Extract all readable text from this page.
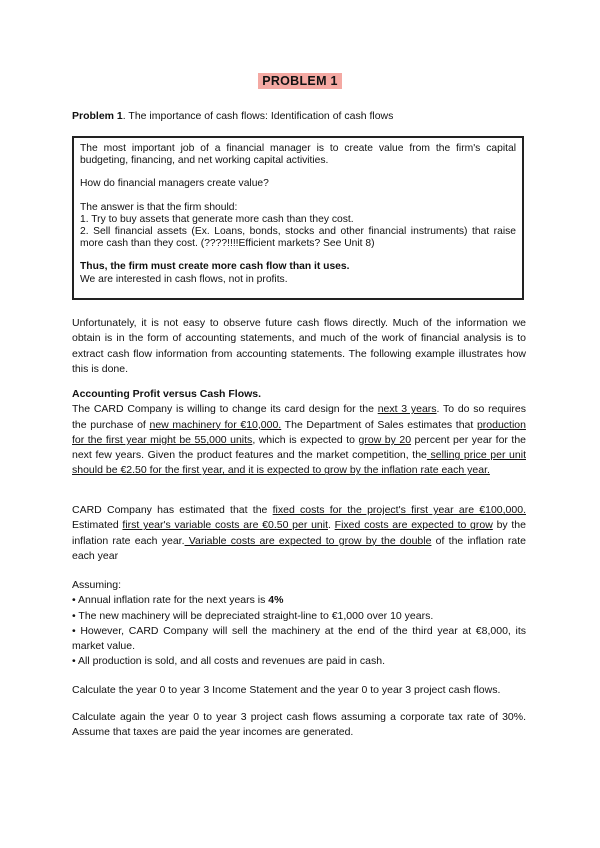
PROBLEM 1
Problem 1. The importance of cash flows: Identification of cash flows

The most important job of a financial manager is to create value from the firm's capital budgeting, financing, and net working capital activities.

How do financial managers create value?

The answer is that the firm should:

1. Try to buy assets that generate more cash than they cost.

2. Sell financial assets (Ex. Loans, bonds, stocks and other financial instruments) that raise more cash than they cost. (????!!!!Efficient markets? See Unit 8)

Thus, the firm must create more cash flow than it uses.

We are interested in cash flows, not in profits.

Unfortunately, it is not easy to observe future cash flows directly. Much of the information we obtain is in the form of accounting statements, and much of the work of financial analysis is to extract cash flow information from accounting statements. The following example illustrates how this is done.

Accounting Profit versus Cash Flows.

The CARD Company is willing to change its card design for the next 3 years. To do so requires the purchase of new machinery for €10,000. The Department of Sales estimates that production for the first year might be 55,000 units, which is expected to grow by 20 percent per year for the next few years. Given the product features and the market competition, the selling price per unit should be €2.50 for the first year, and it is expected to grow by the inflation rate each year.

CARD Company has estimated that the fixed costs for the project's first year are €100,000. Estimated first year's variable costs are €0.50 per unit. Fixed costs are expected to grow by the inflation rate each year. Variable costs are expected to grow by the double of the inflation rate each year

Assuming:

• Annual inflation rate for the next years is 4%

• The new machinery will be depreciated straight-line to €1,000 over 10 years.

• However, CARD Company will sell the machinery at the end of the third year at €8,000, its market value.

• All production is sold, and all costs and revenues are paid in cash.

Calculate the year 0 to year 3 Income Statement and the year 0 to year 3 project cash flows.

Calculate again the year 0 to year 3 project cash flows assuming a corporate tax rate of 30%. Assume that taxes are paid the year incomes are generated.
